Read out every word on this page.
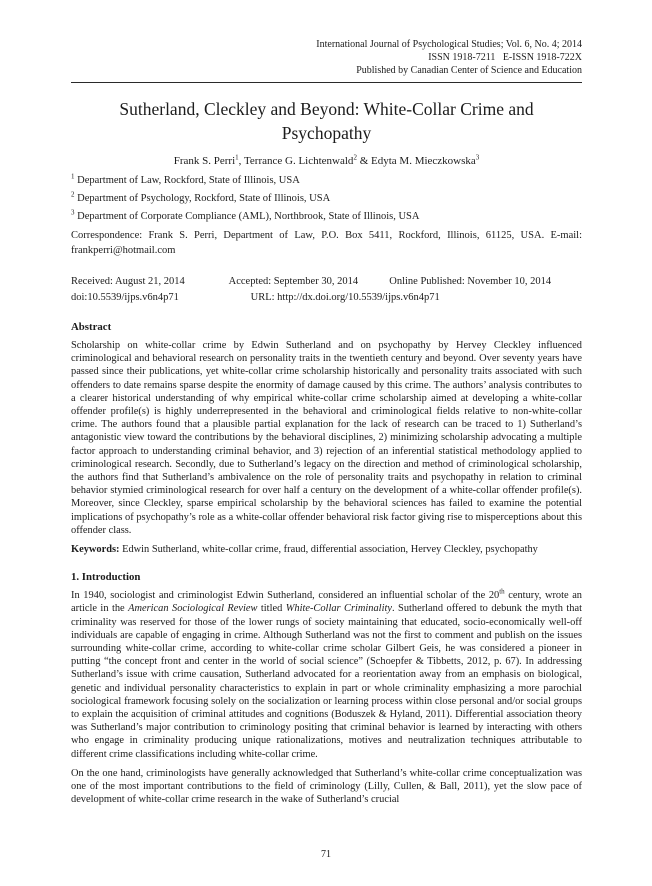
International Journal of Psychological Studies; Vol. 6, No. 4; 2014
ISSN 1918-7211   E-ISSN 1918-722X
Published by Canadian Center of Science and Education
Sutherland, Cleckley and Beyond: White-Collar Crime and
Psychopathy

Frank S. Perri$^1$, Terrance G. Lichtenwald$^2$ & Edyta M. Mieczkowska$^3$

$^1$ Department of Law, Rockford, State of Illinois, USA

$^2$ Department of Psychology, Rockford, State of Illinois, USA

$^3$ Department of Corporate Compliance (AML), Northbrook, State of Illinois, USA

Correspondence: Frank S. Perri, Department of Law, P.O. Box 5411, Rockford, Illinois, 61125, USA. E-mail: frankperri@hotmail.com

Received: August 21, 2014	Accepted: September 30, 2014	Online Published: November 10, 2014
doi:10.5539/ijps.v6n4p71	URL: http://dx.doi.org/10.5539/ijps.v6n4p71
Abstract

Scholarship on white-collar crime by Edwin Sutherland and on psychopathy by Hervey Cleckley influenced criminological and behavioral research on personality traits in the twentieth century and beyond. Over seventy years have passed since their publications, yet white-collar crime scholarship historically and personality traits associated with such offenders to date remains sparse despite the enormity of damage caused by this crime. The authors’ analysis contributes to a clearer historical understanding of why empirical white-collar crime scholarship aimed at developing a white-collar offender profile(s) is highly underrepresented in the behavioral and criminological fields relative to non-white-collar crime. The authors found that a plausible partial explanation for the lack of research can be traced to 1) Sutherland’s antagonistic view toward the contributions by the behavioral disciplines, 2) minimizing scholarship advocating a multiple factor approach to understanding criminal behavior, and 3) rejection of an inferential statistical methodology applied to criminological research. Secondly, due to Sutherland’s legacy on the direction and method of criminological scholarship, the authors find that Sutherland’s ambivalence on the role of personality traits and psychopathy in relation to criminal behavior stymied criminological research for over half a century on the development of a white-collar offender profile(s). Moreover, since Cleckley, sparse empirical scholarship by the behavioral sciences has failed to examine the potential implications of psychopathy’s role as a white-collar offender behavioral risk factor giving rise to misperceptions about this offender class.

Keywords: Edwin Sutherland, white-collar crime, fraud, differential association, Hervey Cleckley, psychopathy

1. Introduction

In 1940, sociologist and criminologist Edwin Sutherland, considered an influential scholar of the 20th century, wrote an article in the American Sociological Review titled White-Collar Criminality. Sutherland offered to debunk the myth that criminality was reserved for those of the lower rungs of society maintaining that educated, socio-economically well-off individuals are capable of engaging in crime. Although Sutherland was not the first to comment and publish on the issues surrounding white-collar crime, according to white-collar crime scholar Gilbert Geis, he was considered a pioneer in putting “the concept front and center in the world of social science” (Schoepfer & Tibbetts, 2012, p. 67). In addressing Sutherland’s issue with crime causation, Sutherland advocated for a reorientation away from an emphasis on biological, genetic and individual personality characteristics to explain in part or whole criminality emphasizing a more parochial sociological framework focusing solely on the socialization or learning process within close personal and/or social groups to explain the acquisition of criminal attitudes and cognitions (Boduszek & Hyland, 2011). Differential association theory was Sutherland’s major contribution to criminology positing that criminal behavior is learned by interacting with others who engage in criminality producing unique rationalizations, motives and neutralization techniques attributable to different crime classifications including white-collar crime.

On the one hand, criminologists have generally acknowledged that Sutherland’s white-collar crime conceptualization was one of the most important contributions to the field of criminology (Lilly, Cullen, & Ball, 2011), yet the slow pace of development of white-collar crime research in the wake of Sutherland’s crucial

71
